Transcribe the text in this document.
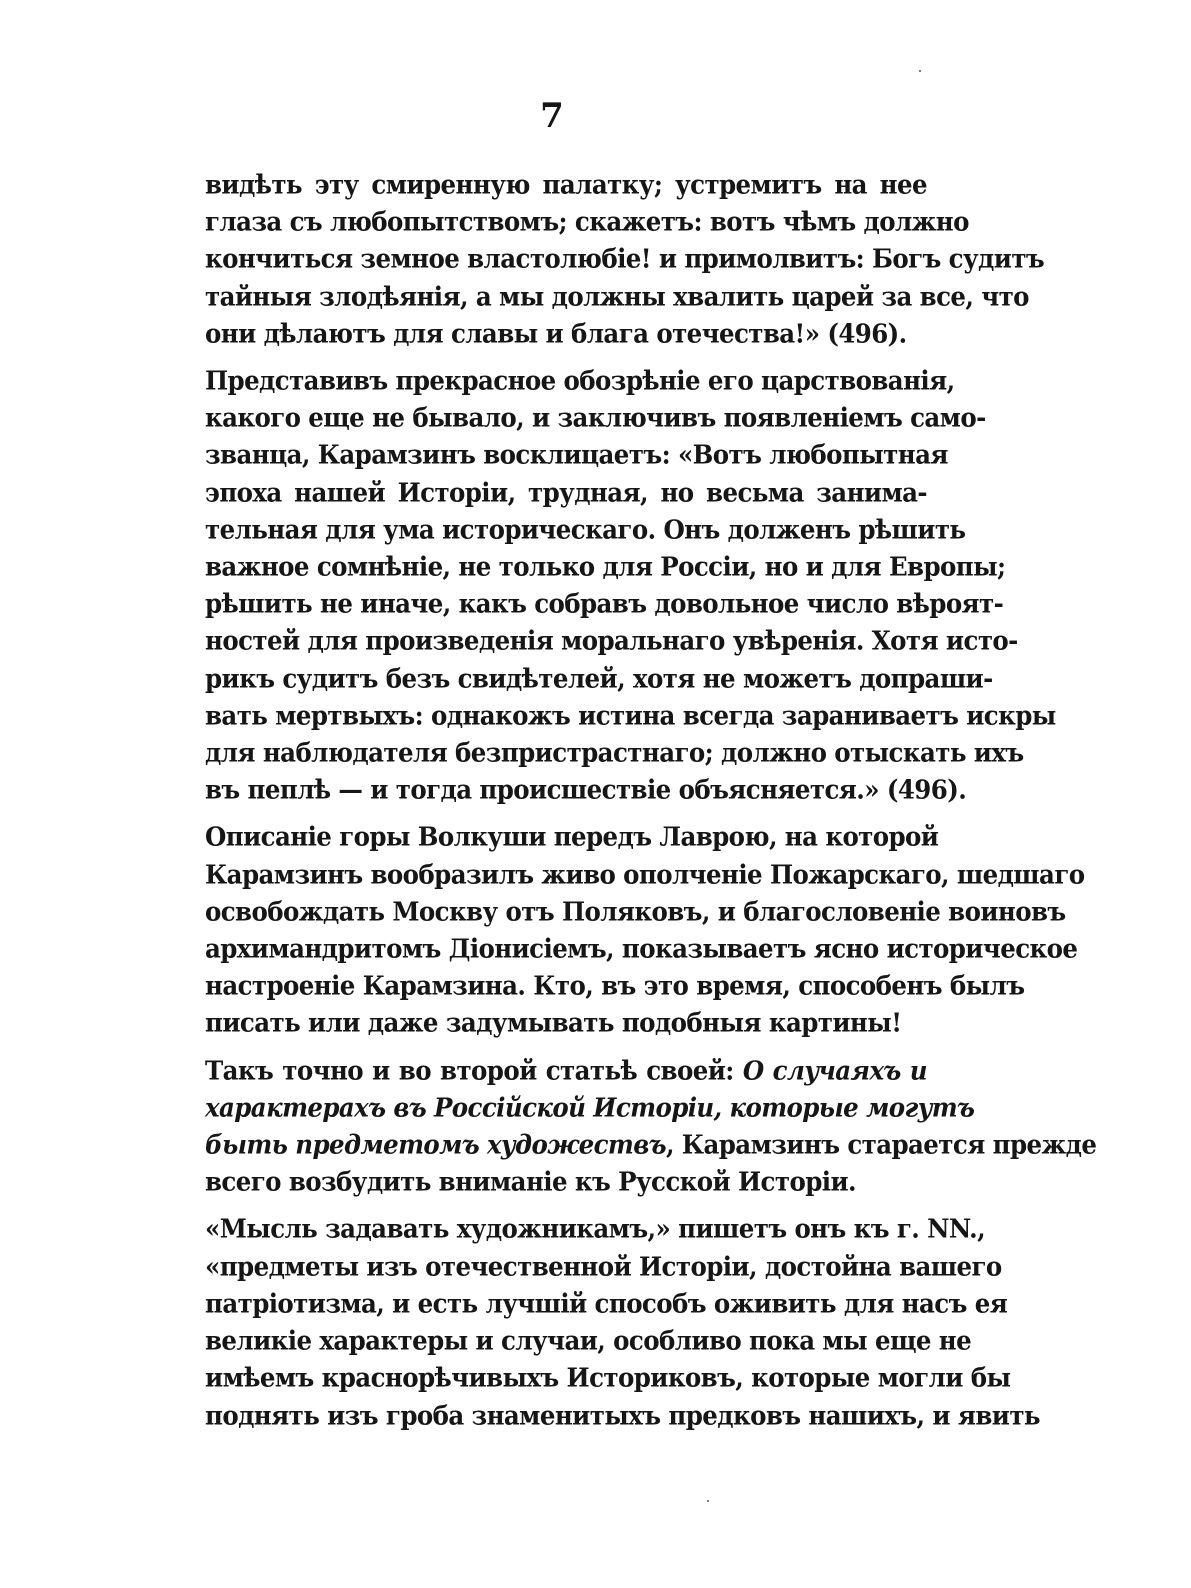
7
видѣть эту смиренную палатку; устремитъ на нее
глаза съ любопытствомъ; скажетъ: вотъ чѣмъ должно
кончиться земное властолюбіе! и примолвитъ: Богъ судитъ
тайныя злодѣянія, а мы должны хвалить царей за все, что
они дѣлаютъ для славы и блага отечества!» (496).
Представивъ прекрасное обозрѣніе его царствованія,
какого еще не бывало, и заключивъ появленіемъ само-
званца, Карамзинъ восклицаетъ: «Вотъ любопытная
эпоха нашей Исторіи, трудная, но весьма занима-
тельная для ума историческаго. Онъ долженъ рѣшить
важное сомнѣніе, не только для Россіи, но и для Европы;
рѣшить не иначе, какъ собравъ довольное число вѣроят-
ностей для произведенія моральнаго увѣренія. Хотя исто-
рикъ судитъ безъ свидѣтелей, хотя не можетъ допраши-
вать мертвыхъ: однакожъ истина всегда зараниваетъ искры
для наблюдателя безпристрастнаго; должно отыскать ихъ
въ пеплѣ — и тогда происшествіе объясняется.» (496).
Описаніе горы Волкуши передъ Лаврою, на которой
Карамзинъ вообразилъ живо ополченіе Пожарскаго, шедшаго
освобождать Москву отъ Поляковъ, и благословеніе воиновъ
архимандритомъ Діонисіемъ, показываетъ ясно историческое
настроеніе Карамзина. Кто, въ это время, способенъ былъ
писать или даже задумывать подобныя картины!
Такъ точно и во второй статьѣ своей: О случаяхъ и
характерахъ въ Россійской Исторіи, которые могутъ
быть предметомъ художествъ, Карамзинъ старается прежде
всего возбудить вниманіе къ Русской Исторіи.
«Мысль задавать художникамъ,» пишетъ онъ къ г. NN.,
«предметы изъ отечественной Исторіи, достойна вашего
патріотизма, и есть лучшій способъ оживить для насъ ея
великіе характеры и случаи, особливо пока мы еще не
имѣемъ краснорѣчивыхъ Историковъ, которые могли бы
поднять изъ гроба знаменитыхъ предковъ нашихъ, и явить
